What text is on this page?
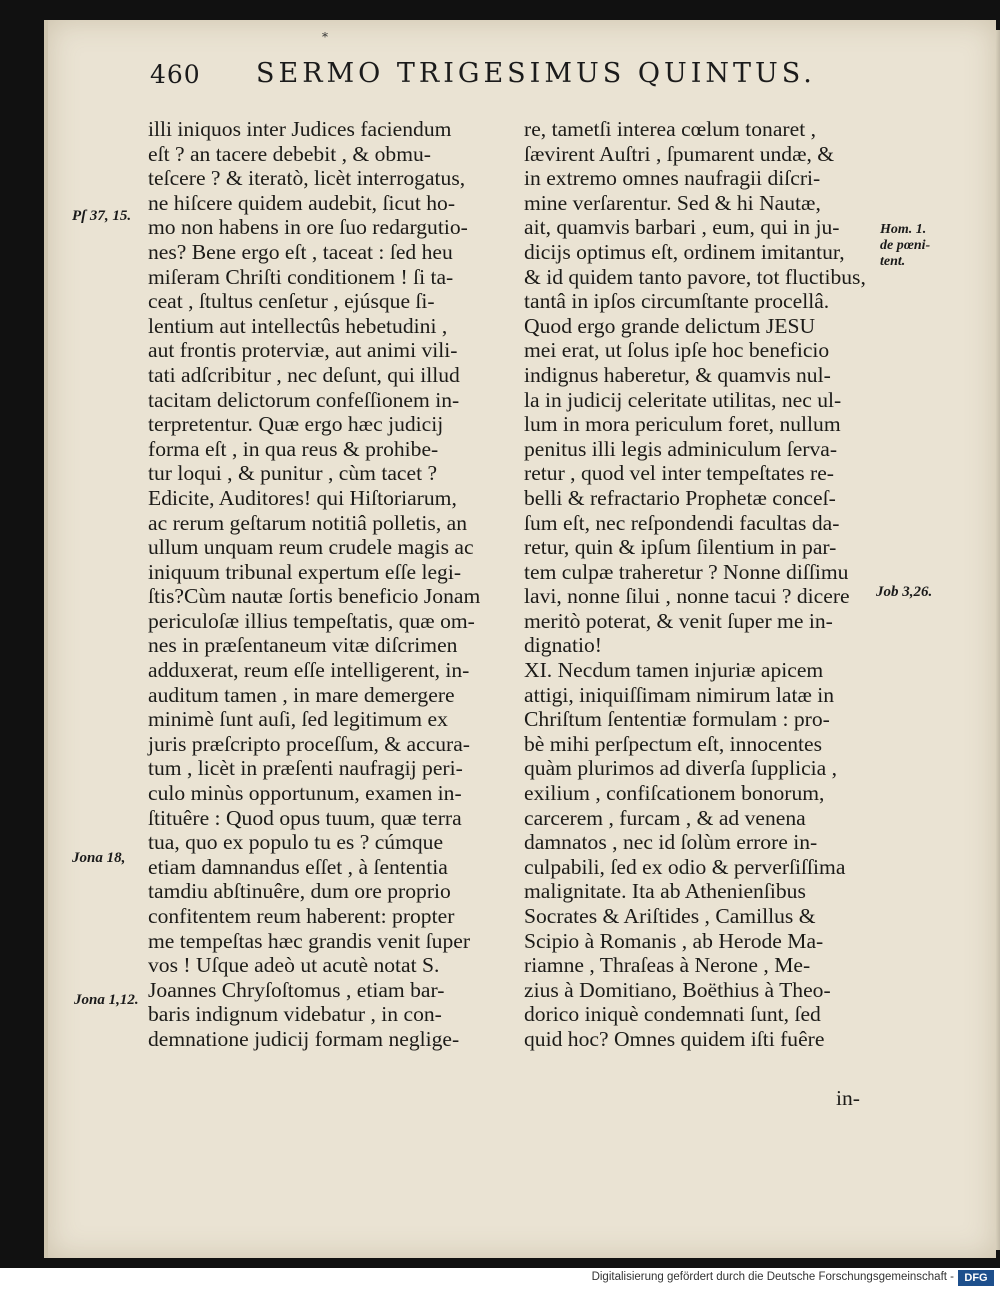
*
460 SERMO TRIGESIMUS QUINTUS.
illi iniquos inter Judices faciendum
eſt ? an tacere debebit , & obmu-
teſcere ? & iteratò, licèt interrogatus,
ne hiſcere quidem audebit, ſicut ho-
mo non habens in ore ſuo redargutio-
nes? Bene ergo eſt , taceat : ſed heu
miſeram Chriſti conditionem ! ſi ta-
ceat , ſtultus cenſetur , ejúsque ſi-
lentium aut intellectûs hebetudini ,
aut frontis proterviæ, aut animi vili-
tati adſcribitur , nec deſunt, qui illud
tacitam delictorum confeſſionem in-
terpretentur. Quæ ergo hæc judicij
forma eſt , in qua reus & prohibe-
tur loqui , & punitur , cùm tacet ?
Edicite, Auditores! qui Hiſtoriarum,
ac rerum geſtarum notitiâ polletis, an
ullum unquam reum crudele magis ac
iniquum tribunal expertum eſſe legi-
ſtis?Cùm nautæ ſortis beneficio Jonam
periculoſæ illius tempeſtatis, quæ om-
nes in præſentaneum vitæ diſcrimen
adduxerat, reum eſſe intelligerent, in-
auditum tamen , in mare demergere
minimè ſunt auſi, ſed legitimum ex
juris præſcripto proceſſum, & accura-
tum , licèt in præſenti naufragij peri-
culo minùs opportunum, examen in-
ſtituêre : Quod opus tuum, quæ terra
tua, quo ex populo tu es ? cúmque
etiam damnandus eſſet , à ſententia
tamdiu abſtinuêre, dum ore proprio
confitentem reum haberent: propter
me tempeſtas hæc grandis venit ſuper
vos ! Uſque adeò ut acutè notat S.
Joannes Chryſoſtomus , etiam bar-
baris indignum videbatur , in con-
demnatione judicij formam neglige-
re, tametſi interea cœlum tonaret ,
ſævirent Auſtri , ſpumarent undæ, &
in extremo omnes naufragii diſcri-
mine verſarentur. Sed & hi Nautæ,
ait, quamvis barbari , eum, qui in ju-
dicijs optimus eſt, ordinem imitantur,
& id quidem tanto pavore, tot fluctibus,
tantâ in ipſos circumſtante procellâ.
Quod ergo grande delictum JESU
mei erat, ut ſolus ipſe hoc beneficio
indignus haberetur, & quamvis nul-
la in judicij celeritate utilitas, nec ul-
lum in mora periculum foret, nullum
penitus illi legis adminiculum ſerva-
retur , quod vel inter tempeſtates re-
belli & refractario Prophetæ conceſ-
ſum eſt, nec reſpondendi facultas da-
retur, quin & ipſum ſilentium in par-
tem culpæ traheretur ? Nonne diſſimu
lavi, nonne ſilui , nonne tacui ? dicere
meritò poterat, & venit ſuper me in-
dignatio!
XI. Necdum tamen injuriæ apicem
attigi, iniquiſſimam nimirum latæ in
Chriſtum ſententiæ formulam : pro-
bè mihi perſpectum eſt, innocentes
quàm plurimos ad diverſa ſupplicia ,
exilium , confiſcationem bonorum,
carcerem , furcam , & ad venena
damnatos , nec id ſolùm errore in-
culpabili, ſed ex odio & perverſiſſima
malignitate. Ita ab Athenienſibus
Socrates & Ariſtides , Camillus &
Scipio à Romanis , ab Herode Ma-
riamne , Thraſeas à Nerone , Me-
zius à Domitiano, Boëthius à Theo-
dorico iniquè condemnati ſunt, ſed
quid hoc? Omnes quidem iſti fuêre
Pſ 37, 15.
Jona 18,
Jona 1,12.
Hom. 1. de pœni-tent.
Job 3,26.
in-
Digitalisierung gefördert durch die Deutsche Forschungsgemeinschaft - DFG
